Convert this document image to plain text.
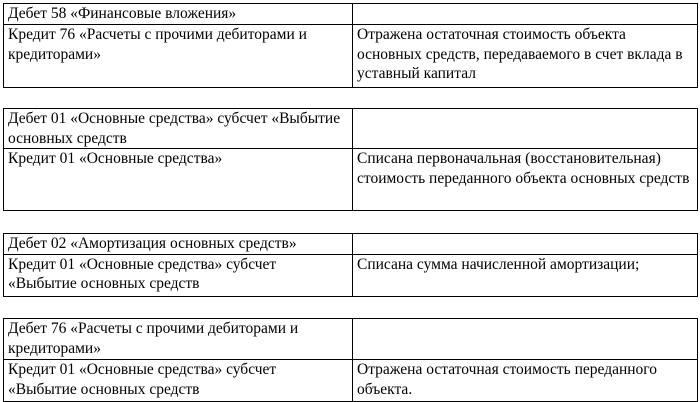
Дебет 58 «Финансовые вложения»	
Кредит 76 «Расчеты с прочими дебиторами и кредиторами»	Отражена остаточная стоимость объекта основных средств, передаваемого в счет вклада в уставный капитал
Дебет 01 «Основные средства» субсчет «Выбытие основных средств	
Кредит 01 «Основные средства»	Списана первоначальная (восстановительная) стоимость переданного объекта основных средств
Дебет 02 «Амортизация основных средств»	
Кредит 01 «Основные средства» субсчет «Выбытие основных средств	Списана сумма начисленной амортизации;
Дебет 76 «Расчеты с прочими дебиторами и кредиторами»	
Кредит 01 «Основные средства» субсчет «Выбытие основных средств	Отражена остаточная стоимость переданного объекта.
